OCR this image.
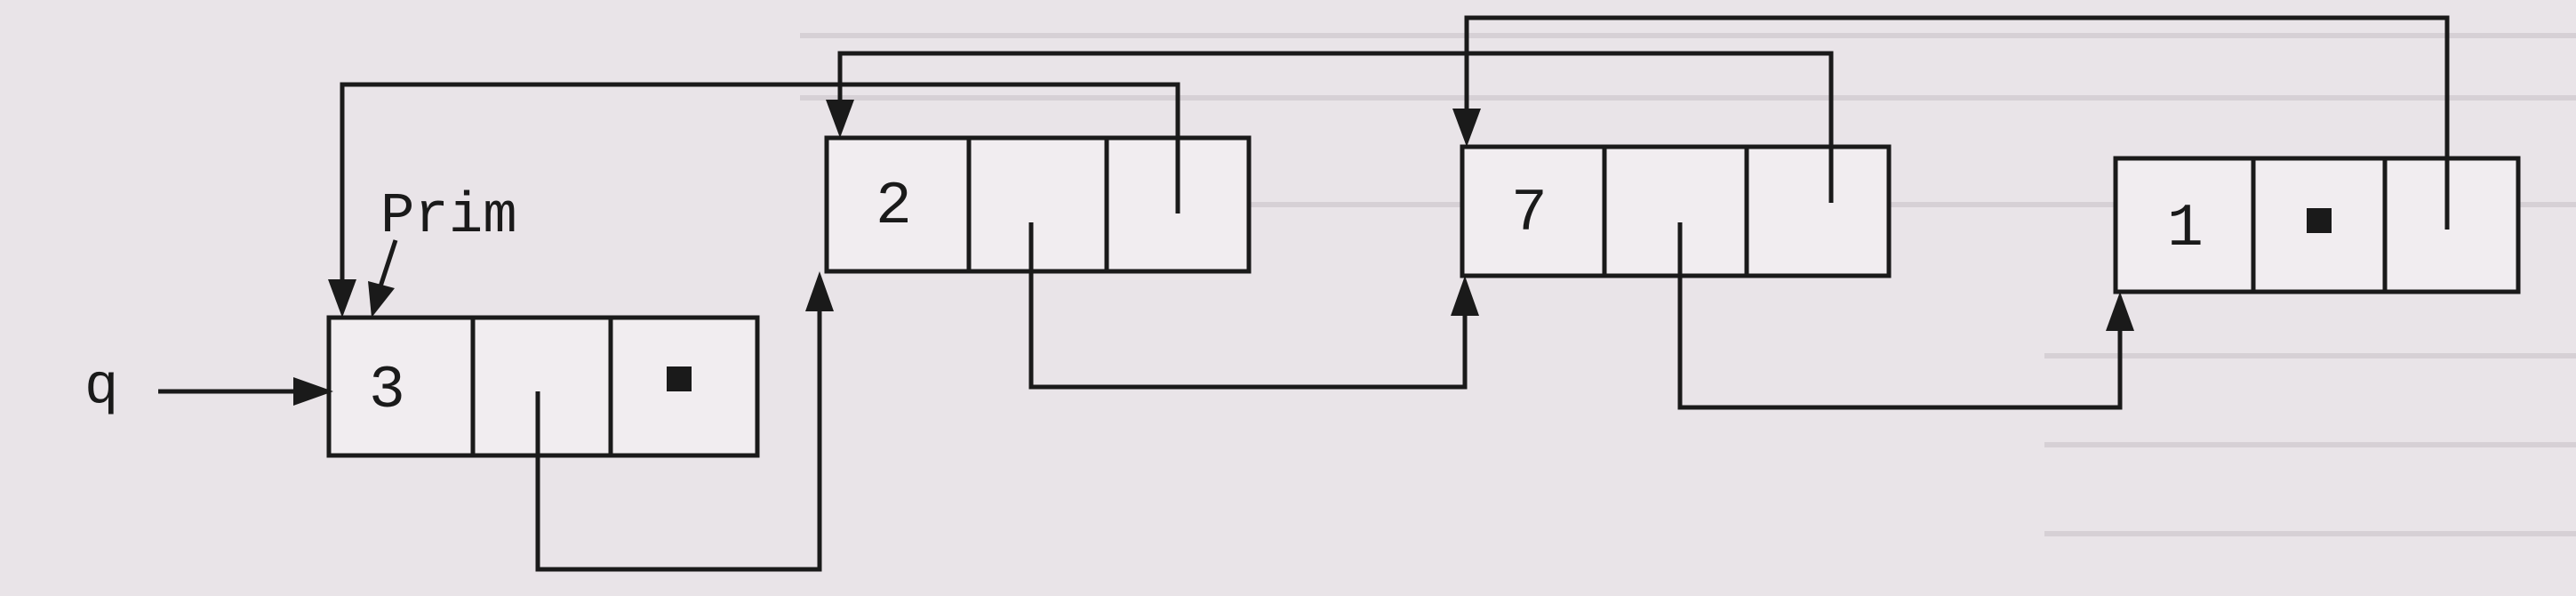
3
2	7	1
q
Prim
